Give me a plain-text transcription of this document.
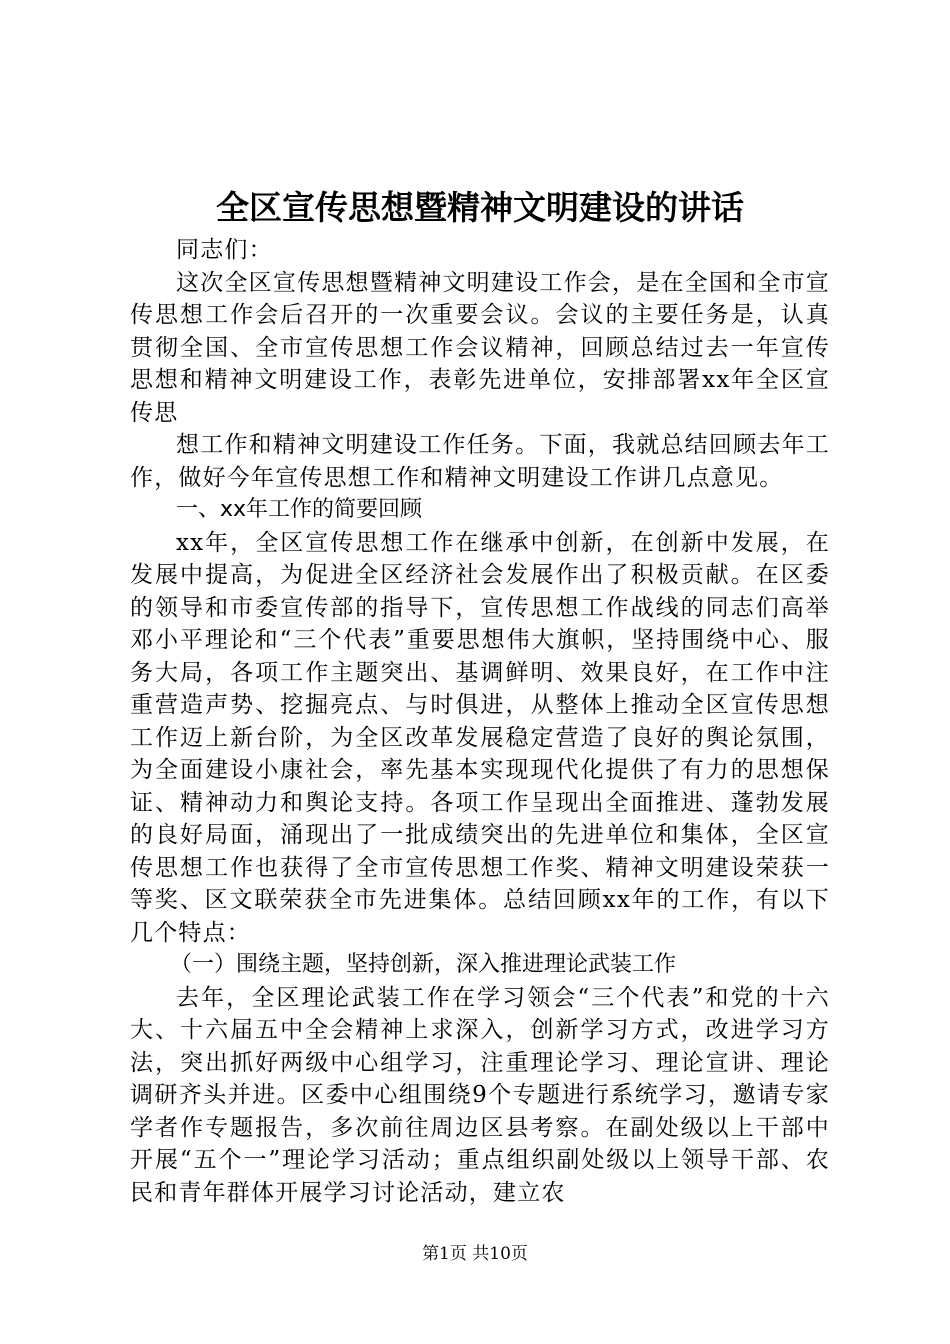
全区宣传思想暨精神文明建设的讲话

同志们：

这次全区宣传思想暨精神文明建设工作会，是在全国和全市宣传思想工作会后召开的一次重要会议。会议的主要任务是，认真贯彻全国、全市宣传思想工作会议精神，回顾总结过去一年宣传思想和精神文明建设工作，表彰先进单位，安排部署xx年全区宣传思

想工作和精神文明建设工作任务。下面，我就总结回顾去年工作，做好今年宣传思想工作和精神文明建设工作讲几点意见。

一、xx年工作的简要回顾

xx年，全区宣传思想工作在继承中创新，在创新中发展，在发展中提高，为促进全区经济社会发展作出了积极贡献。在区委的领导和市委宣传部的指导下，宣传思想工作战线的同志们高举邓小平理论和“三个代表”重要思想伟大旗帜，坚持围绕中心、服务大局，各项工作主题突出、基调鲜明、效果良好，在工作中注重营造声势、挖掘亮点、与时俱进，从整体上推动全区宣传思想工作迈上新台阶，为全区改革发展稳定营造了良好的舆论氛围，为全面建设小康社会，率先基本实现现代化提供了有力的思想保证、精神动力和舆论支持。各项工作呈现出全面推进、蓬勃发展的良好局面，涌现出了一批成绩突出的先进单位和集体，全区宣传思想工作也获得了全市宣传思想工作奖、精神文明建设荣获一等奖、区文联荣获全市先进集体。总结回顾xx年的工作，有以下几个特点：

（一）围绕主题，坚持创新，深入推进理论武装工作

去年，全区理论武装工作在学习领会“三个代表”和党的十六大、十六届五中全会精神上求深入，创新学习方式，改进学习方法，突出抓好两级中心组学习，注重理论学习、理论宣讲、理论调研齐头并进。区委中心组围绕9个专题进行系统学习，邀请专家学者作专题报告，多次前往周边区县考察。在副处级以上干部中开展“五个一”理论学习活动；重点组织副处级以上领导干部、农民和青年群体开展学习讨论活动，建立农

第1页 共10页
